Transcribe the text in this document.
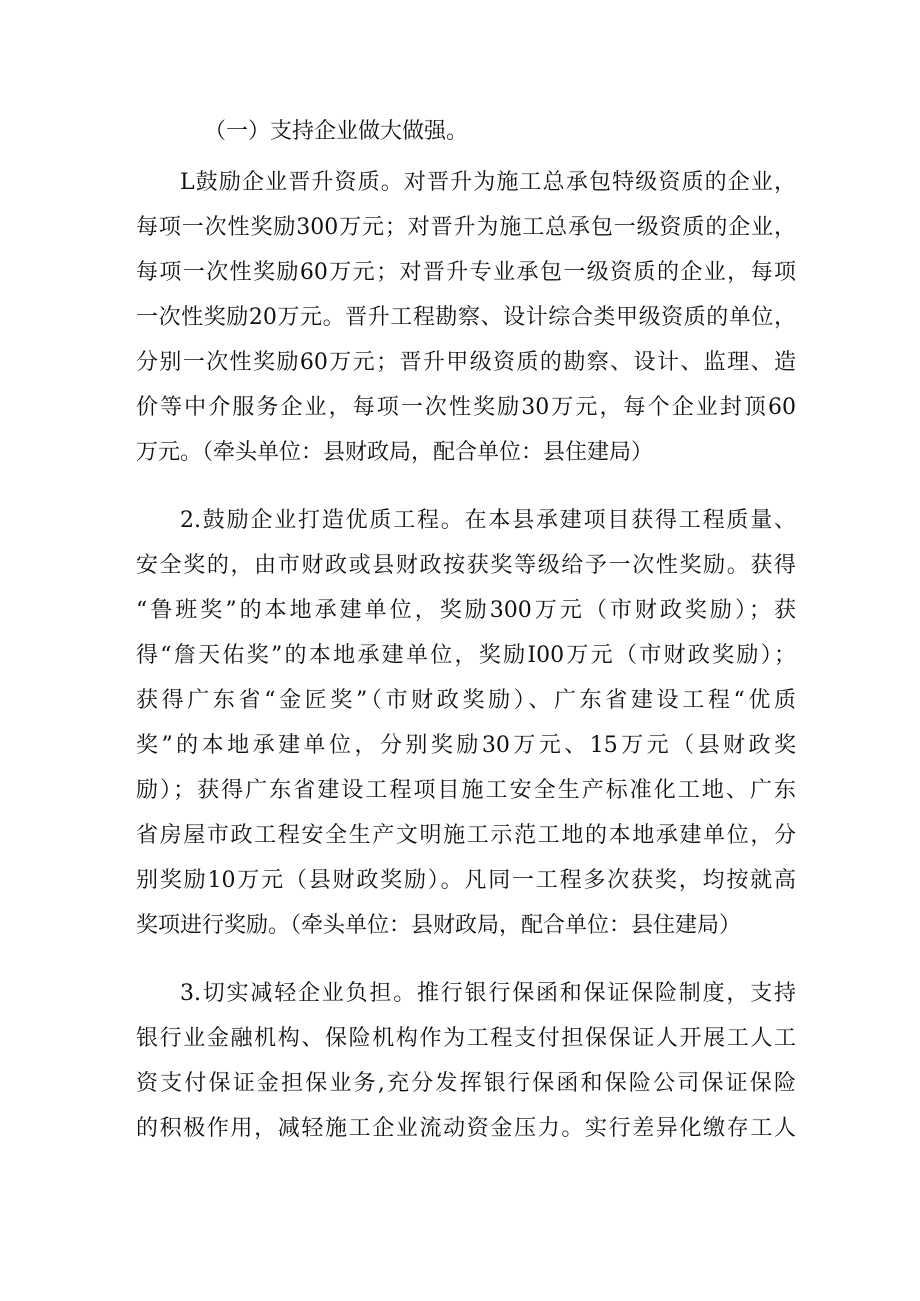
（一）支持企业做大做强。
L鼓励企业晋升资质。对晋升为施工总承包特级资质的企业，
每项一次性奖励300万元；对晋升为施工总承包一级资质的企业，
每项一次性奖励60万元；对晋升专业承包一级资质的企业，每项
一次性奖励20万元。晋升工程勘察、设计综合类甲级资质的单位，
分别一次性奖励60万元；晋升甲级资质的勘察、设计、监理、造
价等中介服务企业，每项一次性奖励30万元，每个企业封顶60
万元。（牵头单位：县财政局，配合单位：县住建局）
2.鼓励企业打造优质工程。在本县承建项目获得工程质量、
安全奖的，由市财政或县财政按获奖等级给予一次性奖励。获得
“鲁班奖”的本地承建单位，奖励300万元（市财政奖励）；获
得“詹天佑奖”的本地承建单位，奖励I00万元（市财政奖励）；
获得广东省“金匠奖”（市财政奖励）、广东省建设工程“优质
奖”的本地承建单位，分别奖励30万元、15万元（县财政奖
励）；获得广东省建设工程项目施工安全生产标准化工地、广东
省房屋市政工程安全生产文明施工示范工地的本地承建单位，分
别奖励10万元（县财政奖励）。凡同一工程多次获奖，均按就高
奖项进行奖励。（牵头单位：县财政局，配合单位：县住建局）
3.切实减轻企业负担。推行银行保函和保证保险制度，支持
银行业金融机构、保险机构作为工程支付担保保证人开展工人工
资支付保证金担保业务,充分发挥银行保函和保险公司保证保险
的积极作用，减轻施工企业流动资金压力。实行差异化缴存工人
